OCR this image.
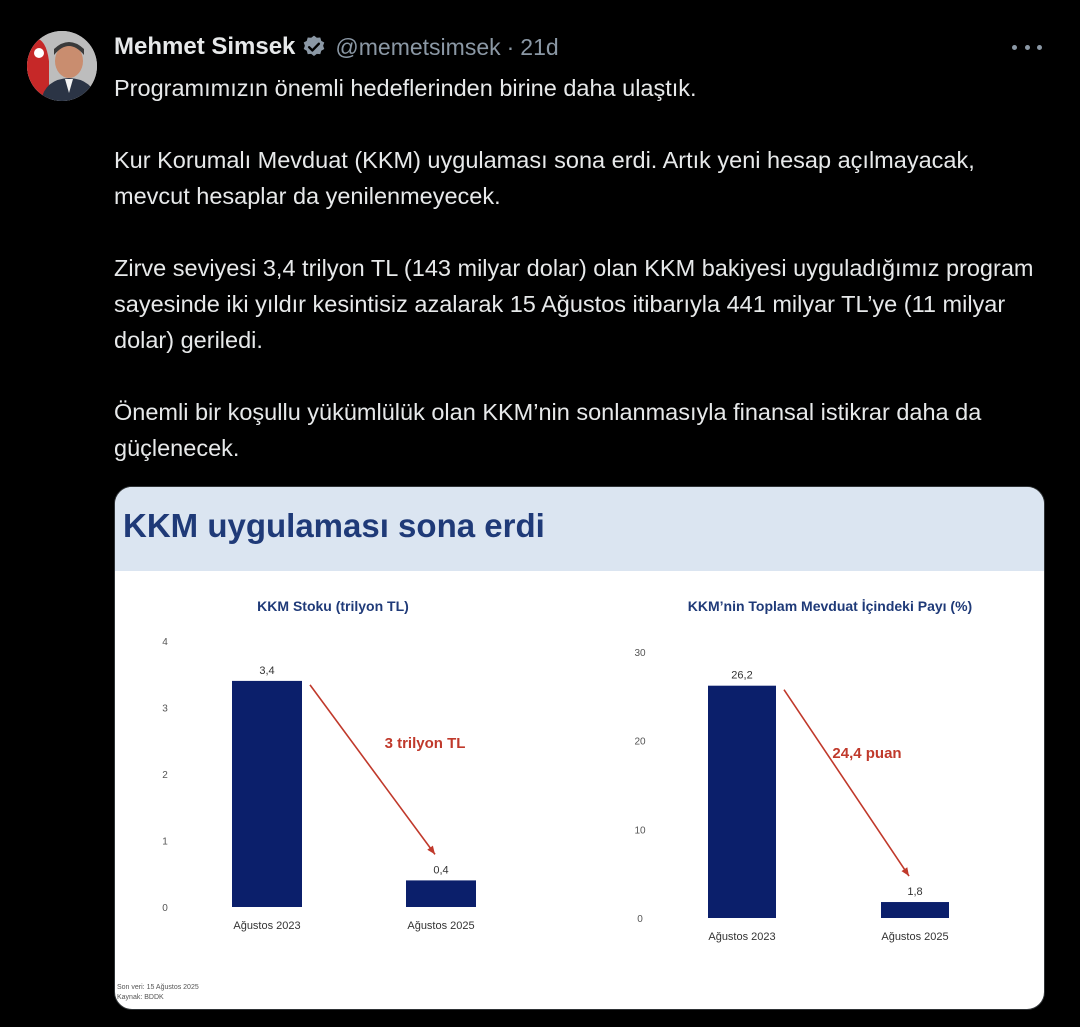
Mehmet Simsek @memetsimsek · 21d

Programımızın önemli hedeflerinden birine daha ulaştık.

Kur Korumalı Mevduat (KKM) uygulaması sona erdi. Artık yeni hesap açılmayacak, mevcut hesaplar da yenilenmeyecek.

Zirve seviyesi 3,4 trilyon TL (143 milyar dolar) olan KKM bakiyesi uyguladığımız program sayesinde iki yıldır kesintisiz azalarak 15 Ağustos itibarıyla 441 milyar TL’ye (11 milyar dolar) geriledi.

Önemli bir koşullu yükümlülük olan KKM’nin sonlanmasıyla finansal istikrar daha da güçlenecek.

KKM uygulaması sona erdi
KKM Stoku (trilyon TL)
0
1
2
3
4
3,4
Ağustos 2023
0,4
Ağustos 2025
3 trilyon TL
KKM’nin Toplam Mevduat İçindeki Payı (%)
0
10
20
30
26,2
Ağustos 2023
1,8
Ağustos 2025
24,4 puan
Son veri: 15 Ağustos 2025
Kaynak: BDDK
